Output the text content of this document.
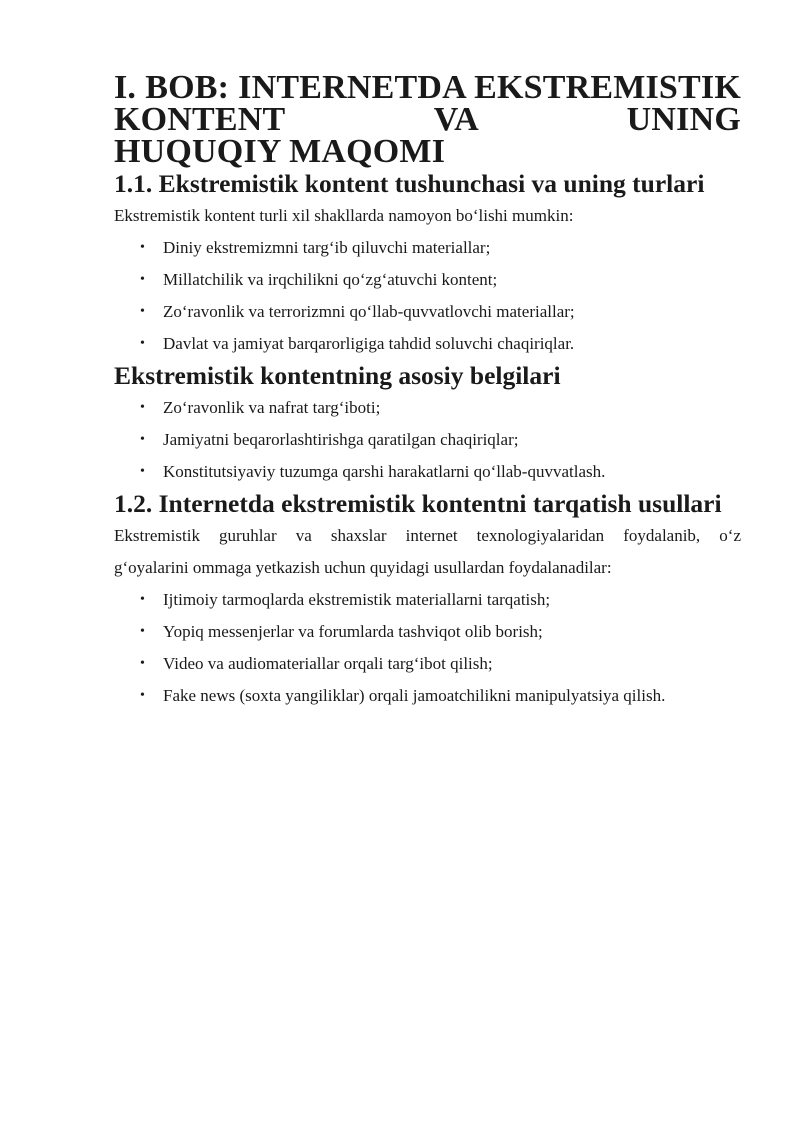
I. BOB: INTERNETDA EKSTREMISTIK KONTENT VA UNING
HUQUQIY MAQOMI
1.1. Ekstremistik kontent tushunchasi va uning turlari

Ekstremistik kontent turli xil shakllarda namoyon bo‘lishi mumkin:

• Diniy ekstremizmni targ‘ib qiluvchi materiallar;
• Millatchilik va irqchilikni qo‘zg‘atuvchi kontent;
• Zo‘ravonlik va terrorizmni qo‘llab-quvvatlovchi materiallar;
• Davlat va jamiyat barqarorligiga tahdid soluvchi chaqiriqlar.
Ekstremistik kontentning asosiy belgilari
• Zo‘ravonlik va nafrat targ‘iboti;
• Jamiyatni beqarorlashtirishga qaratilgan chaqiriqlar;
• Konstitutsiyaviy tuzumga qarshi harakatlarni qo‘llab-quvvatlash.
1.2. Internetda ekstremistik kontentni tarqatish usullari

Ekstremistik guruhlar va shaxslar internet texnologiyalaridan foydalanib, o‘z
g‘oyalarini ommaga yetkazish uchun quyidagi usullardan foydalanadilar:

• Ijtimoiy tarmoqlarda ekstremistik materiallarni tarqatish;
• Yopiq messenjerlar va forumlarda tashviqot olib borish;
• Video va audiomateriallar orqali targ‘ibot qilish;
• Fake news (soxta yangiliklar) orqali jamoatchilikni manipulyatsiya qilish.
